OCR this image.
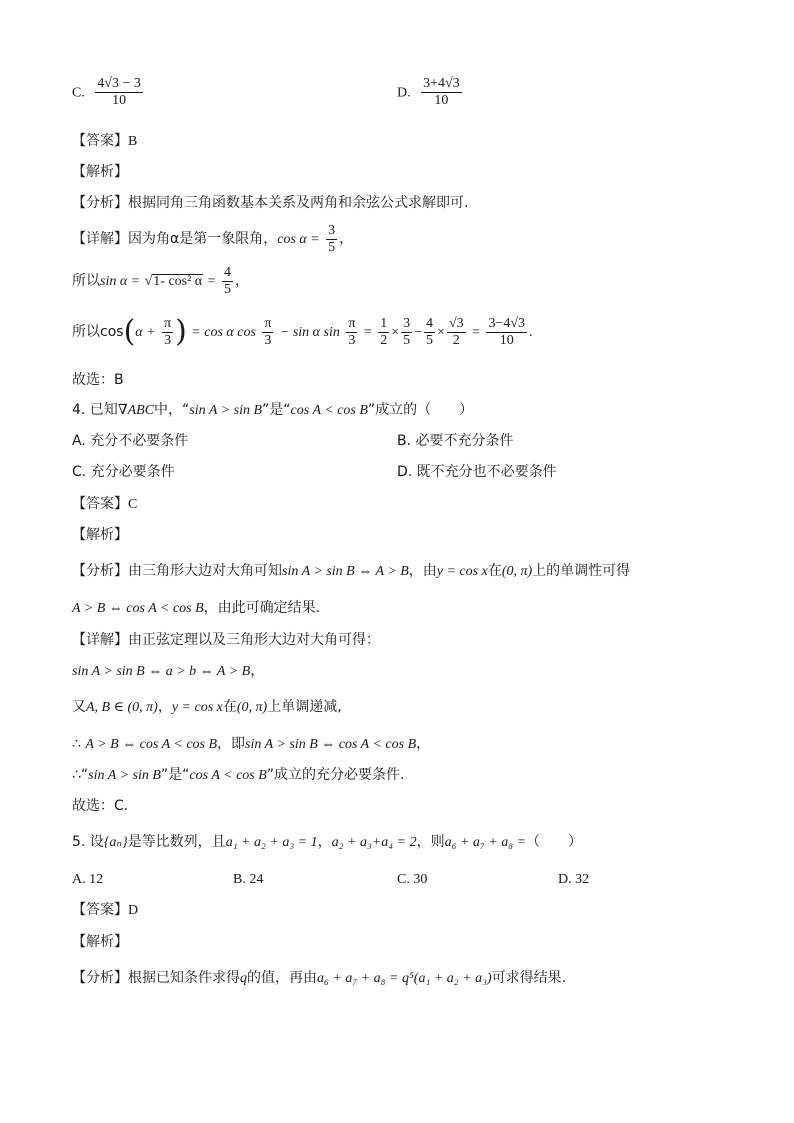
C. $\frac{4√3 - 3}{10}$	D. $\frac{3+4√3}{10}$
【答案】B
【解析】
【分析】根据同角三角函数基本关系及两角和余弦公式求解即可.
【详解】因为角α是第一象限角，$\cos \alpha = \frac{3}{5}$ ，
所以sin α = √1- cos² $\alpha = \frac{4}{5}$ ，
所以$\cos(\alpha + \frac{\pi}{3}$ ) = cos α $\cos \frac{\pi}{3} - \sin \alpha$ $\sin \frac{\pi}{3} = \frac{1}{2} \times \frac{3}{5} - \frac{4}{5} \times \frac{√3}{2} = \frac{3-4√3}{10}$ .
故选：B
4. 已知∇ABC中，“sin A > sin B”是“cos A < cos B”成立的（　　）
A. 充分不必要条件	B. 必要不充分条件
C. 充分必要条件	D. 既不充分也不必要条件
【答案】C
【解析】
【分析】由三角形大边对大角可知sin A > sin B ⇔ A > B，由y = cos x在(0, π)上的单调性可得
A > B ⇔ cos A < cos B，由此可确定结果.
【详解】由正弦定理以及三角形大边对大角可得：
sin A > sin B ⇔ a > b ⇔ A > B，
又A, B ∈ (0, π)，y = cos x在(0, π)上单调递减,
∴ A > B ⇔ cos A < cos B，即sin A > sin B ⇔ cos A < cos B，
∴“sin A > sin B”是“cos A < cos B”成立的充分必要条件.
故选：C.
5. 设{aₙ}是等比数列，且a₁ + a₂ + a₃ = 1，a₂ + a₃+a₄ = 2，则a₆ + a₇ + a₈ =（　　）
A. 12	B. 24	C. 30	D. 32
【答案】D
【解析】
【分析】根据已知条件求得q的值，再由a₆ + a₇ + a₈ = q⁵(a₁ + a₂ + a₃)可求得结果.
